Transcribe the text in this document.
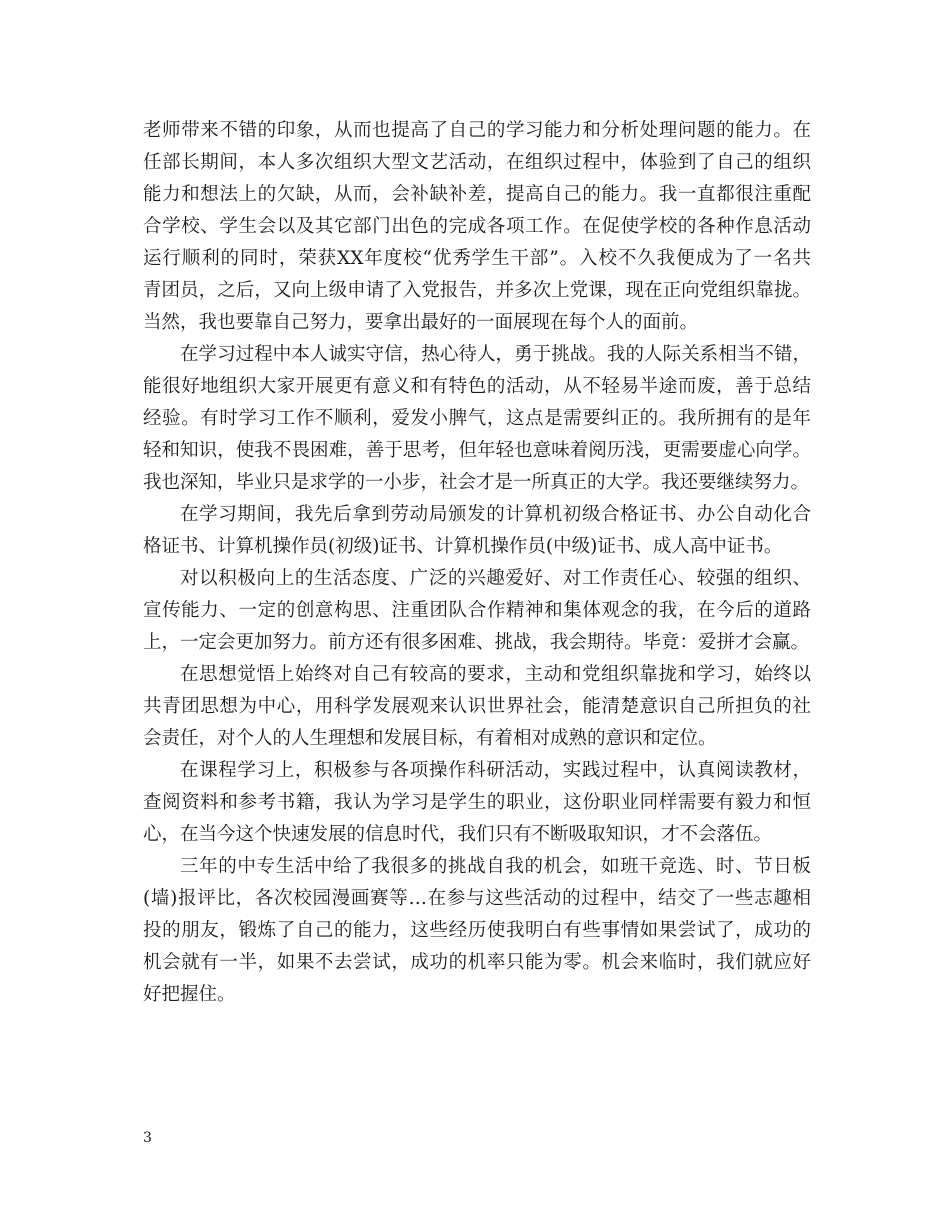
老师带来不错的印象，从而也提高了自己的学习能力和分析处理问题的能力。在
任部长期间，本人多次组织大型文艺活动，在组织过程中，体验到了自己的组织
能力和想法上的欠缺，从而，会补缺补差，提高自己的能力。我一直都很注重配
合学校、学生会以及其它部门出色的完成各项工作。在促使学校的各种作息活动
运行顺利的同时，荣获XX年度校“优秀学生干部”。入校不久我便成为了一名共
青团员，之后，又向上级申请了入党报告，并多次上党课，现在正向党组织靠拢。
当然，我也要靠自己努力，要拿出最好的一面展现在每个人的面前。
在学习过程中本人诚实守信，热心待人，勇于挑战。我的人际关系相当不错，
能很好地组织大家开展更有意义和有特色的活动，从不轻易半途而废，善于总结
经验。有时学习工作不顺利，爱发小脾气，这点是需要纠正的。我所拥有的是年
轻和知识，使我不畏困难，善于思考，但年轻也意味着阅历浅，更需要虚心向学。
我也深知，毕业只是求学的一小步，社会才是一所真正的大学。我还要继续努力。
在学习期间，我先后拿到劳动局颁发的计算机初级合格证书、办公自动化合
格证书、计算机操作员(初级)证书、计算机操作员(中级)证书、成人高中证书。
对以积极向上的生活态度、广泛的兴趣爱好、对工作责任心、较强的组织、
宣传能力、一定的创意构思、注重团队合作精神和集体观念的我，在今后的道路
上，一定会更加努力。前方还有很多困难、挑战，我会期待。毕竟：爱拼才会赢。
在思想觉悟上始终对自己有较高的要求，主动和党组织靠拢和学习，始终以
共青团思想为中心，用科学发展观来认识世界社会，能清楚意识自己所担负的社
会责任，对个人的人生理想和发展目标，有着相对成熟的意识和定位。
在课程学习上，积极参与各项操作科研活动，实践过程中，认真阅读教材，
查阅资料和参考书籍，我认为学习是学生的职业，这份职业同样需要有毅力和恒
心，在当今这个快速发展的信息时代，我们只有不断吸取知识，才不会落伍。
三年的中专生活中给了我很多的挑战自我的机会，如班干竞选、时、节日板
(墙)报评比，各次校园漫画赛等…在参与这些活动的过程中，结交了一些志趣相
投的朋友，锻炼了自己的能力，这些经历使我明白有些事情如果尝试了，成功的
机会就有一半，如果不去尝试，成功的机率只能为零。机会来临时，我们就应好
好把握住。
3
